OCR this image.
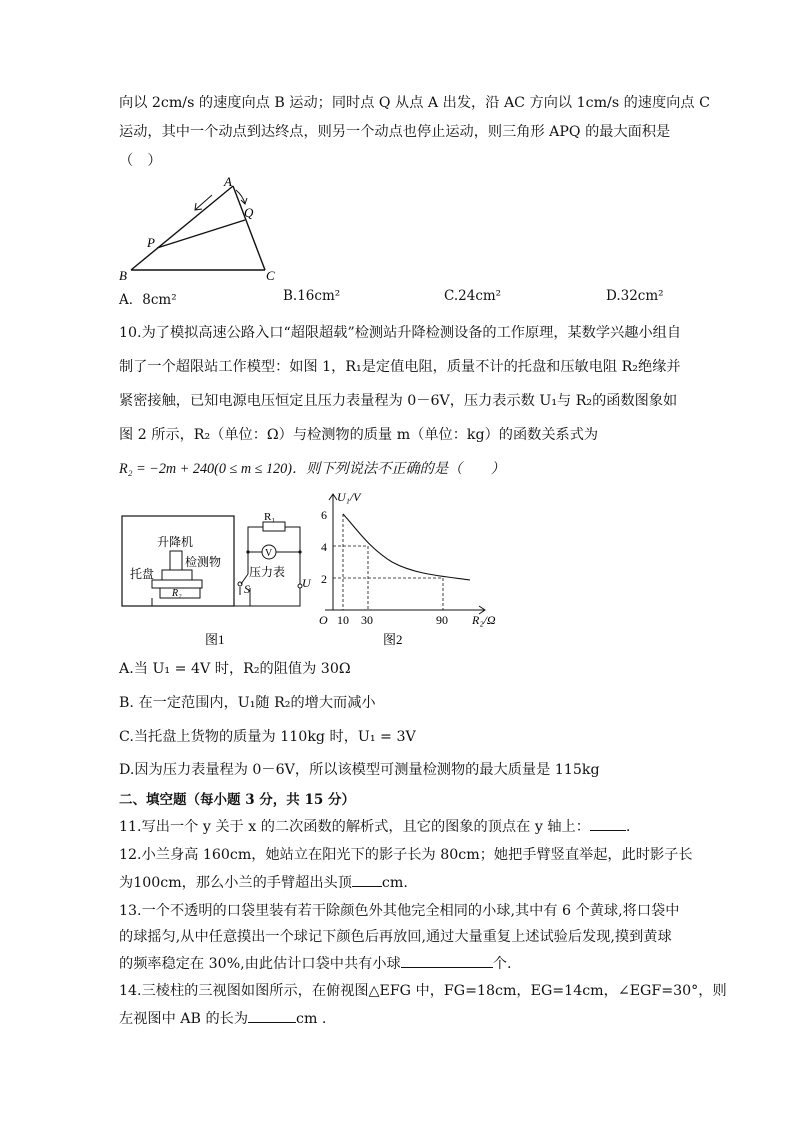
向以 2cm/s 的速度向点 B 运动；同时点 Q 从点 A 出发，沿 AC 方向以 1cm/s 的速度向点 C
运动，其中一个动点到达终点，则另一个动点也停止运动，则三角形 APQ 的最大面积是
（　）
A
Q
P
B	C
A．8cm²	B.16cm²	C.24cm²	D.32cm²
10.为了模拟高速公路入口“超限超载”检测站升降检测设备的工作原理，某数学兴趣小组自
制了一个超限站工作模型：如图 1，R₁是定值电阻，质量不计的托盘和压敏电阻 R₂绝缘并
紧密接触，已知电源电压恒定且压力表量程为 0－6V，压力表示数 U₁与 R₂的函数图象如
图 2 所示，R₂（单位：Ω）与检测物的质量 m（单位：kg）的函数关系式为
R₂ = −2m + 240(0 ≤ m ≤ 120)．则下列说法不正确的是（　　）
R₁
V
升降机
检测物
托盘	压力表
R₂	S	U
图1
U₁/V
6
4
2
O 10 30	90 R₂/Ω
图2
A.当 U₁ = 4V 时，R₂的阻值为 30Ω
B. 在一定范围内，U₁随 R₂的增大而减小
C.当托盘上货物的质量为 110kg 时，U₁ = 3V
D.因为压力表量程为 0－6V，所以该模型可测量检测物的最大质量是 115kg
二、填空题（每小题 3 分，共 15 分）
11.写出一个 y 关于 x 的二次函数的解析式，且它的图象的顶点在 y 轴上：	.
12.小兰身高 160cm，她站立在阳光下的影子长为 80cm；她把手臂竖直举起，此时影子长
为100cm，那么小兰的手臂超出头顶 cm.
13.一个不透明的口袋里装有若干除颜色外其他完全相同的小球,其中有 6 个黄球,将口袋中
的球摇匀,从中任意摸出一个球记下颜色后再放回,通过大量重复上述试验后发现,摸到黄球
的频率稳定在 30%,由此估计口袋中共有小球	个.
14.三棱柱的三视图如图所示，在俯视图△EFG 中，FG=18cm，EG=14cm，∠EGF=30°，则
左视图中 AB 的长为	cm .
